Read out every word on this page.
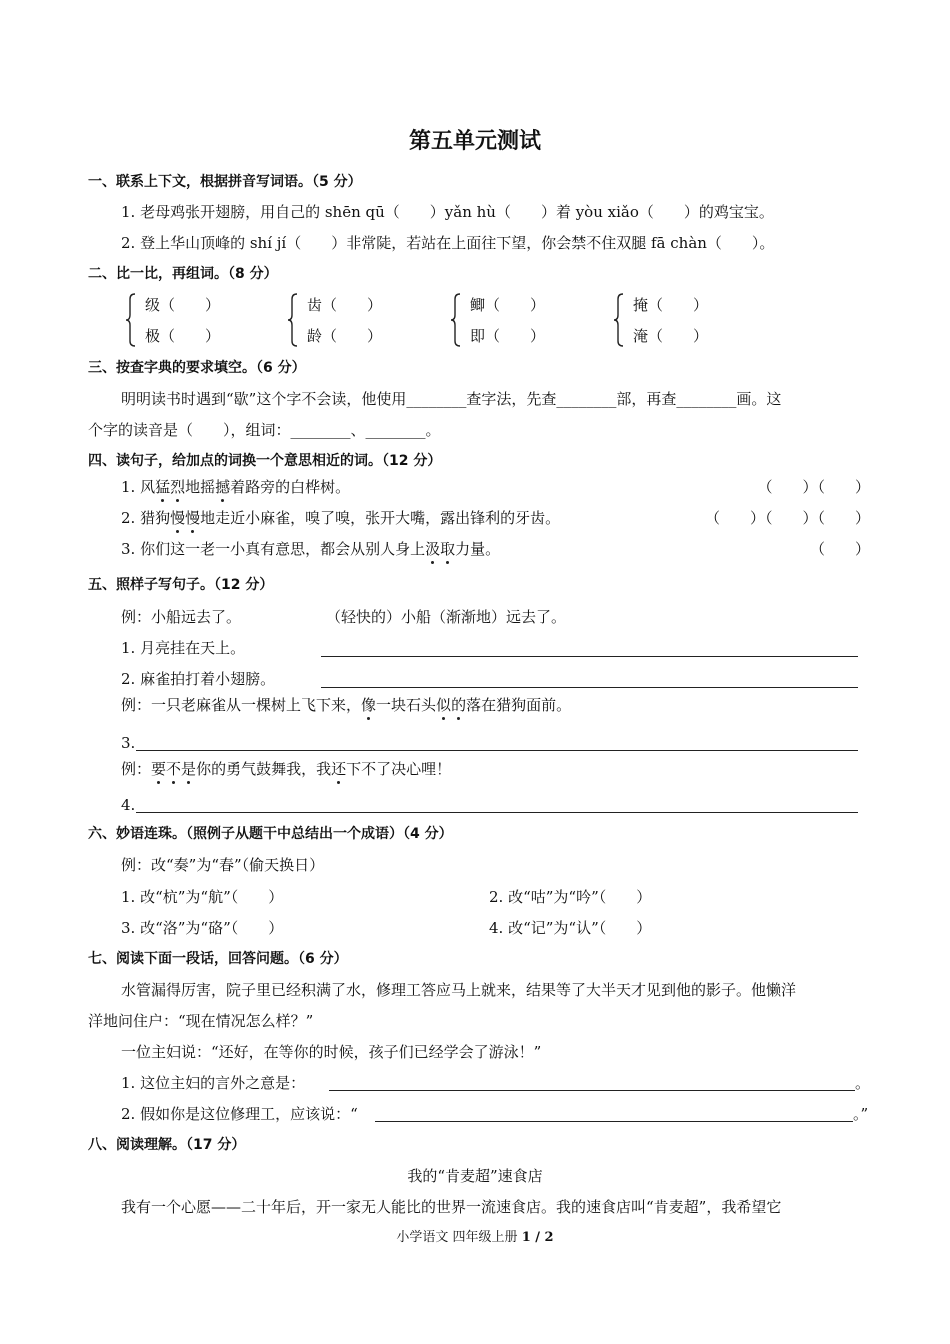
第五单元测试
一、联系上下文，根据拼音写词语。（5 分）
1. 老母鸡张开翅膀，用自己的 shēn qū（　　）yǎn hù（　　）着 yòu xiǎo（　　）的鸡宝宝。
2. 登上华山顶峰的 shí jí（　　）非常陡，若站在上面往下望，你会禁不住双腿 fā chàn（　　）。
二、比一比，再组词。（8 分）
级（　　）
极（　　）
齿（　　）
龄（　　）
鲫（　　）
即（　　）
掩（　　）
淹（　　）
三、按查字典的要求填空。（6 分）
明明读书时遇到“歇”这个字不会读，他使用________查字法，先查________部，再查________画。这
个字的读音是（　　），组词：________、________。
四、读句子，给加点的词换一个意思相近的词。（12 分）
1. 风猛烈地摇撼着路旁的白桦树。	（　　）（　　）
2. 猎狗慢慢地走近小麻雀，嗅了嗅，张开大嘴，露出锋利的牙齿。	（　　）（　　）（　　）
3. 你们这一老一小真有意思，都会从别人身上汲取力量。	（　　）
五、照样子写句子。（12 分）
例：小船远去了。	（轻快的）小船（渐渐地）远去了。
1. 月亮挂在天上。
2. 麻雀拍打着小翅膀。
例：一只老麻雀从一棵树上飞下来，像一块石头似的落在猎狗面前。
3.
例：要不是你的勇气鼓舞我，我还下不了决心哩！
4.
六、妙语连珠。（照例子从题干中总结出一个成语）（4 分）
例：改“奏”为“春”（偷天换日）
1. 改“杭”为“航”（　　）	2. 改“咕”为“吟”（　　）
3. 改“洛”为“硌”（　　）	4. 改“记”为“认”（　　）
七、阅读下面一段话，回答问题。（6 分）
水管漏得厉害，院子里已经积满了水，修理工答应马上就来，结果等了大半天才见到他的影子。他懒洋
洋地问住户：“现在情况怎么样？”
一位主妇说：“还好，在等你的时候，孩子们已经学会了游泳！”
1. 这位主妇的言外之意是：	。
2. 假如你是这位修理工，应该说：“	。”
八、阅读理解。（17 分）
我的“肯麦超”速食店
我有一个心愿——二十年后，开一家无人能比的世界一流速食店。我的速食店叫“肯麦超”，我希望它
小学语文 四年级上册 1 / 2
